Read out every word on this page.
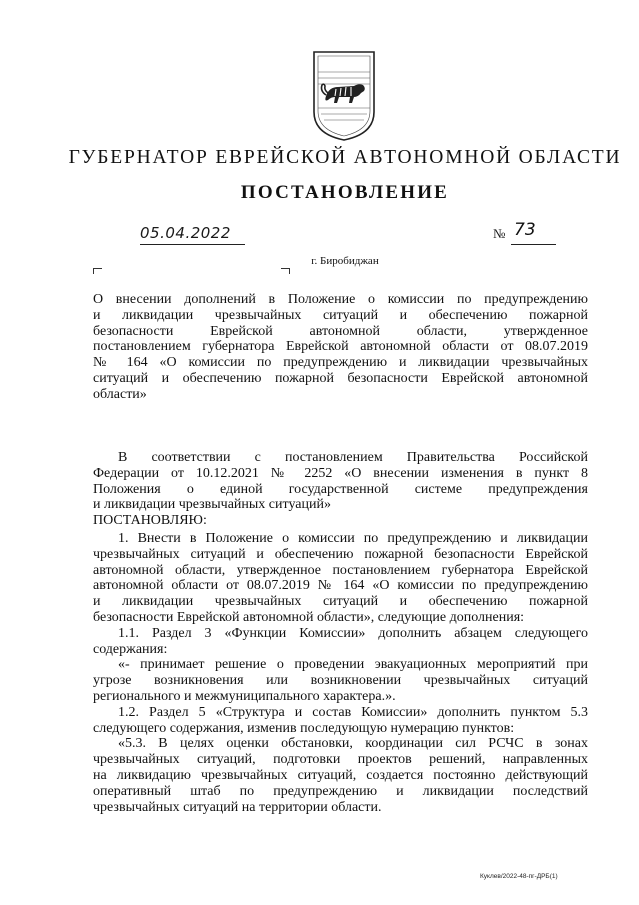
ГУБЕРНАТОР ЕВРЕЙСКОЙ АВТОНОМНОЙ ОБЛАСТИ
ПОСТАНОВЛЕНИЕ
05.04.2022	№ 73
г. Биробиджан
О внесении дополнений в Положение о комиссии по предупреждению
и ликвидации чрезвычайных ситуаций и обеспечению пожарной
безопасности Еврейской автономной области, утвержденное
постановлением губернатора Еврейской автономной области от 08.07.2019
№ 164 «О комиссии по предупреждению и ликвидации чрезвычайных
ситуаций и обеспечению пожарной безопасности Еврейской автономной
области»
В соответствии с постановлением Правительства Российской
Федерации от 10.12.2021 № 2252 «О внесении изменения в пункт 8
Положения о единой государственной системе предупреждения
и ликвидации чрезвычайных ситуаций»
ПОСТАНОВЛЯЮ:
1. Внести в Положение о комиссии по предупреждению и ликвидации
чрезвычайных ситуаций и обеспечению пожарной безопасности Еврейской
автономной области, утвержденное постановлением губернатора Еврейской
автономной области от 08.07.2019 № 164 «О комиссии по предупреждению
и ликвидации чрезвычайных ситуаций и обеспечению пожарной
безопасности Еврейской автономной области», следующие дополнения:
1.1. Раздел 3 «Функции Комиссии» дополнить абзацем следующего
содержания:
«- принимает решение о проведении эвакуационных мероприятий при
угрозе возникновения или возникновении чрезвычайных ситуаций
регионального и межмуниципального характера.».
1.2. Раздел 5 «Структура и состав Комиссии» дополнить пунктом 5.3
следующего содержания, изменив последующую нумерацию пунктов:
«5.3. В целях оценки обстановки, координации сил РСЧС в зонах
чрезвычайных ситуаций, подготовки проектов решений, направленных
на ликвидацию чрезвычайных ситуаций, создается постоянно действующий
оперативный штаб по предупреждению и ликвидации последствий
чрезвычайных ситуаций на территории области.
Куклев/2022-48-пг-ДРБ(1)
